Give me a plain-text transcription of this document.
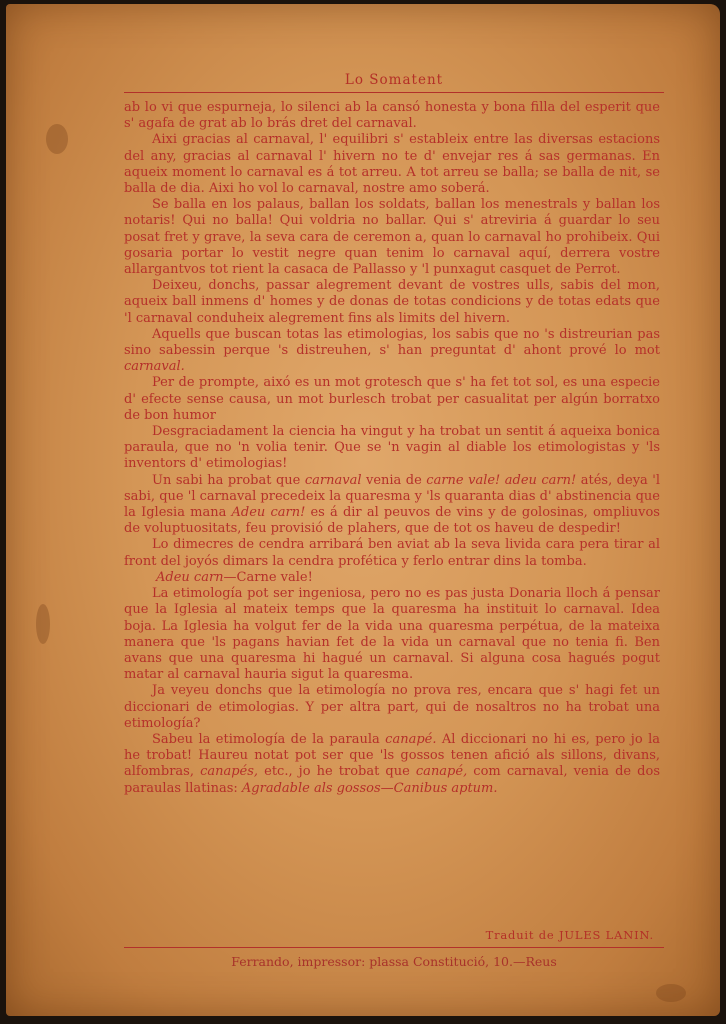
Lo Somatent

ab lo vi que espurneja, lo silenci ab la cansó honesta y bona filla del esperit que s' agafa de grat ab lo brás dret del carnaval.

Aixi gracias al carnaval, l' equilibri s' estableix entre las diversas estacions del any, gracias al carnaval l' hivern no te d' envejar res á sas germanas. En aqueix moment lo carnaval es á tot arreu. A tot arreu se balla; se balla de nit, se balla de dia. Aixi ho vol lo carnaval, nostre amo soberá.

Se balla en los palaus, ballan los soldats, ballan los menestrals y ballan los notaris! Qui no balla! Qui voldria no ballar. Qui s' atreviria á guardar lo seu posat fret y grave, la seva cara de ceremon a, quan lo carnaval ho prohibeix. Qui gosaria portar lo vestit negre quan tenim lo carnaval aquí, derrera vostre allargantvos tot rient la casaca de Pallasso y 'l punxagut casquet de Perrot.

Deixeu, donchs, passar alegrement devant de vostres ulls, sabis del mon, aqueix ball inmens d' homes y de donas de totas condicions y de totas edats que 'l carnaval conduheix alegrement fins als limits del hivern.

Aquells que buscan totas las etimologias, los sabis que no 's distreurian pas sino sabessin perque 's distreuhen, s' han preguntat d' ahont prové lo mot carnaval.

Per de prompte, aixó es un mot grotesch que s' ha fet tot sol, es una especie d' efecte sense causa, un mot burlesch trobat per casualitat per algún borratxo de bon humor

Desgraciadament la ciencia ha vingut y ha trobat un sentit á aqueixa bonica paraula, que no 'n volia tenir. Que se 'n vagin al diable los etimologistas y 'ls inventors d' etimologias!

Un sabi ha probat que carnaval venia de carne vale! adeu carn! atés, deya 'l sabi, que 'l carnaval precedeix la quaresma y 'ls quaranta dias d' abstinencia que la Iglesia mana Adeu carn! es á dir al peuvos de vins y de golosinas, ompliuvos de voluptuositats, feu provisió de plahers, que de tot os haveu de despedir!

Lo dimecres de cendra arribará ben aviat ab la seva livida cara pera tirar al front del joyós dimars la cendra profética y ferlo entrar dins la tomba.

Adeu carn—Carne vale!

La etimología pot ser ingeniosa, pero no es pas justa Donaria lloch á pensar que la Iglesia al mateix temps que la quaresma ha instituit lo carnaval. Idea boja. La Iglesia ha volgut fer de la vida una quaresma perpétua, de la mateixa manera que 'ls pagans havian fet de la vida un carnaval que no tenia fi. Ben avans que una quaresma hi hagué un carnaval. Si alguna cosa hagués pogut matar al carnaval hauria sigut la quaresma.

Ja veyeu donchs que la etimología no prova res, encara que s' hagi fet un diccionari de etimologias. Y per altra part, qui de nosaltros no ha trobat una etimología?

Sabeu la etimología de la paraula canapé. Al diccionari no hi es, pero jo la he trobat! Haureu notat pot ser que 'ls gossos tenen afició als sillons, divans, alfombras, canapés, etc., jo he trobat que canapé, com carnaval, venia de dos paraulas llatinas: Agradable als gossos—Canibus aptum.

Traduit de JULES LANIN.
Ferrando, impressor: plassa Constitució, 10.—Reus
